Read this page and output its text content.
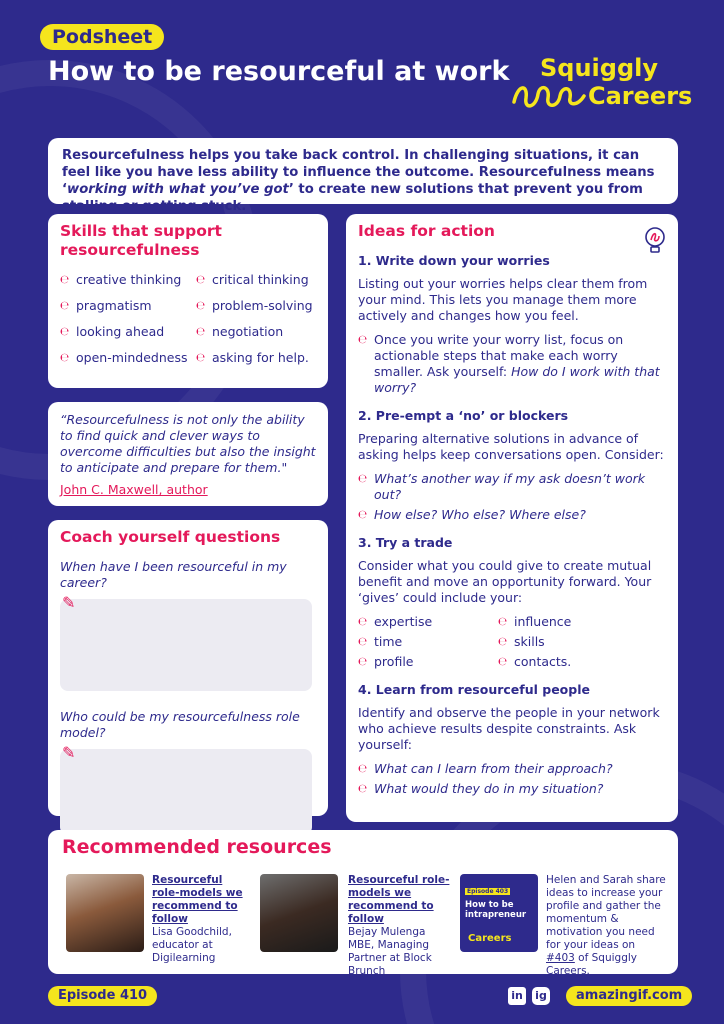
Podsheet
How to be resourceful at work Squiggly
Careers
Resourcefulness helps you take back control. In challenging situations, it can feel like you have less ability to influence the outcome. Resourcefulness means ‘working with what you’ve got’ to create new solutions that prevent you from stalling or getting stuck.
Skills that support resourcefulness
℮ creative thinking ℮ critical thinking
℮ pragmatism	℮ problem-solving
℮ looking ahead	℮ negotiation
℮ open-mindedness ℮ asking for help.
“Resourcefulness is not only the ability to find quick and clever ways to overcome difficulties but also the insight to anticipate and prepare for them."
John C. Maxwell, author
Coach yourself questions
When have I been resourceful in my career?
✎
Who could be my resourcefulness role model?
✎
Ideas for action
1. Write down your worries
Listing out your worries helps clear them from your mind. This lets you manage them more actively and changes how you feel.
℮ Once you write your worry list, focus on actionable steps that make each worry smaller. Ask yourself: How do I work with that worry?
2. Pre-empt a ‘no’ or blockers
Preparing alternative solutions in advance of asking helps keep conversations open. Consider:
℮ What’s another way if my ask doesn’t work out?
℮ How else? Who else? Where else?
3. Try a trade
Consider what you could give to create mutual benefit and move an opportunity forward. Your ‘gives’ could include your:
℮ expertise	℮ influence
℮ time	℮ skills
℮ profile	℮ contacts.
4. Learn from resourceful people
Identify and observe the people in your network who achieve results despite constraints. Ask yourself:
℮ What can I learn from their approach?
℮ What would they do in my situation?
Recommended resources
Resourceful role-models we recommend to follow
Lisa Goodchild, educator at Digilearning
Resourceful role-models we recommend to follow
Bejay Mulenga MBE, Managing Partner at Block Brunch
Episode 403
How to be intrapreneur
Careers
Helen and Sarah share ideas to increase your profile and gather the momentum & motivation you need for your ideas on #403 of Squiggly Careers.
Episode 410	in ig	amazingif.com
